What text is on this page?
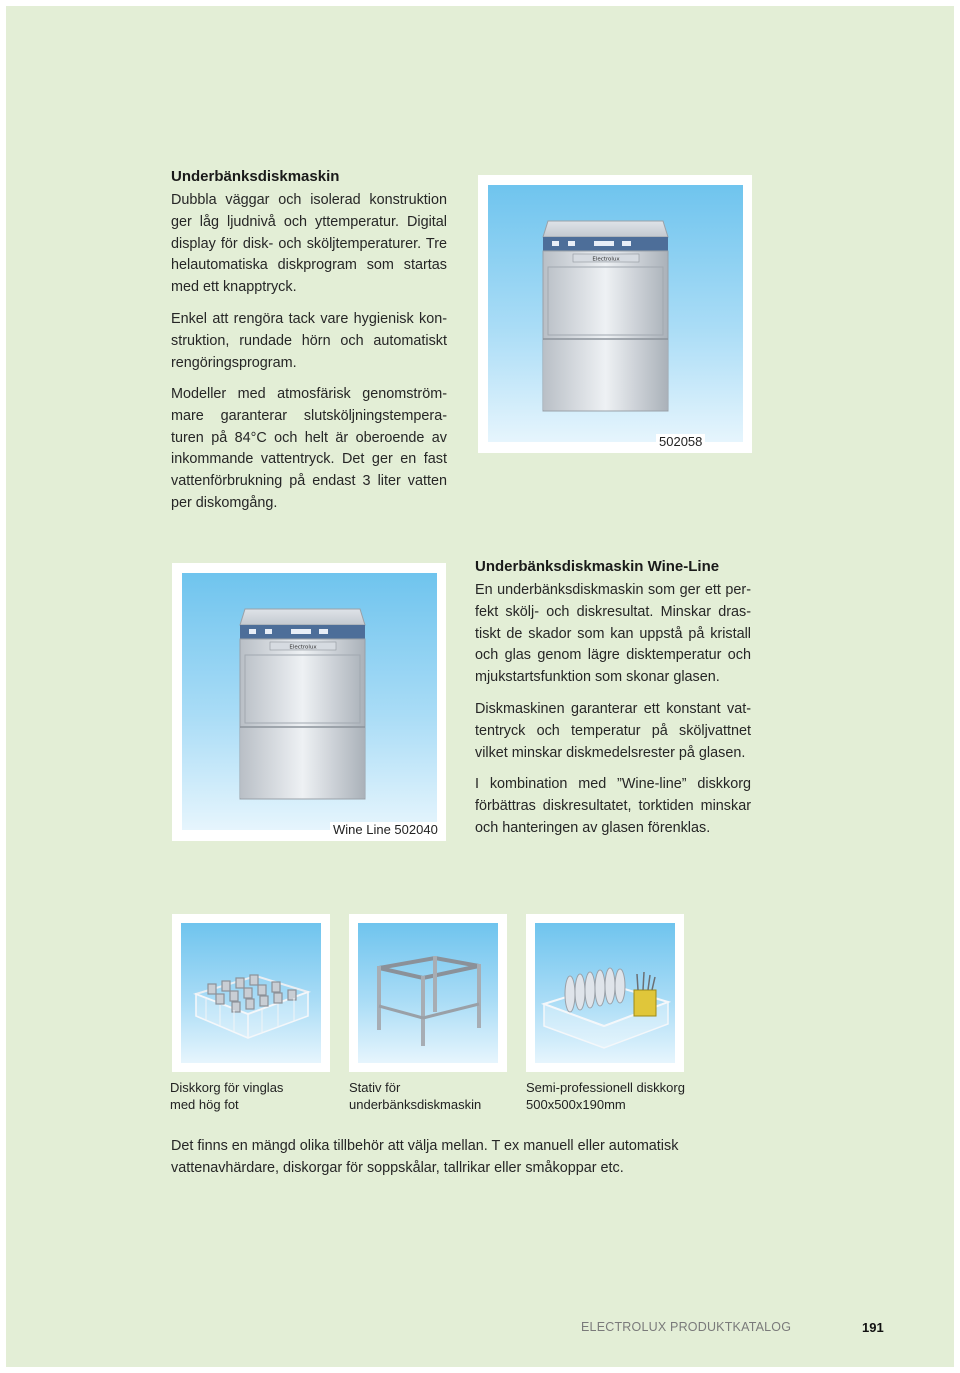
Underbänksdiskmaskin

Dubbla väggar och isolerad konstruktion ger låg ljudnivå och yttemperatur. Digital display för disk- och sköljtemperaturer. Tre helautomatiska diskprogram som startas med ett knapptryck.

Enkel att rengöra tack vare hygienisk kon-struktion, rundade hörn och automatiskt rengöringsprogram.

Modeller med atmosfärisk genomström-mare garanterar slutsköljningstempera-turen på 84°C och helt är oberoende av inkommande vattentryck. Det ger en fast vattenförbrukning på endast 3 liter vatten per diskomgång.

Electrolux
502058
Electrolux
Wine Line 502040
Underbänksdiskmaskin Wine-Line

En underbänksdiskmaskin som ger ett per-fekt skölj- och diskresultat. Minskar dras-tiskt de skador som kan uppstå på kristall och glas genom lägre disktemperatur och mjukstartsfunktion som skonar glasen.

Diskmaskinen garanterar ett konstant vat-tentryck och temperatur på sköljvattnet vilket minskar diskmedelsrester på glasen.

I kombination med ”Wine-line” diskkorg förbättras diskresultatet, torktiden minskar och hanteringen av glasen förenklas.

Diskkorg för vinglas
med hög fot
Stativ för
underbänksdiskmaskin
Semi-professionell diskkorg
500x500x190mm

Det finns en mängd olika tillbehör att välja mellan. T ex manuell eller automatisk vattenavhärdare, diskorgar för soppskålar, tallrikar eller småkoppar etc.

ELECTROLUX PRODUKTKATALOG	191
